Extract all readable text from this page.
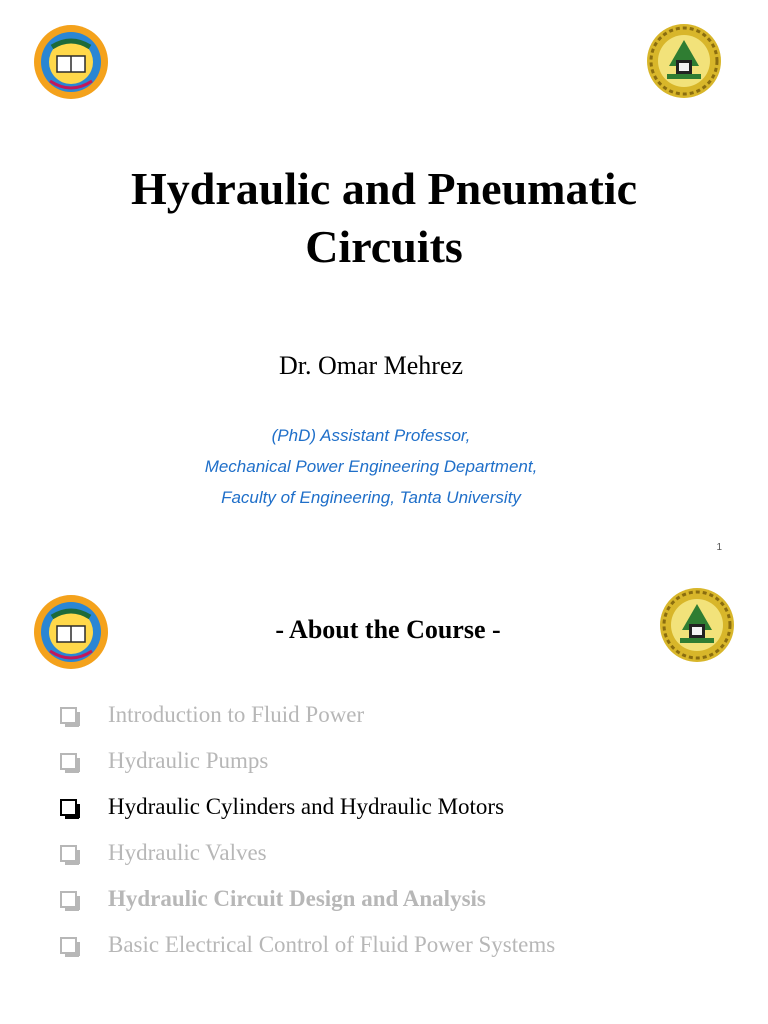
Hydraulic and Pneumatic
Circuits
Dr. Omar Mehrez
(PhD) Assistant Professor,
Mechanical Power Engineering Department,
Faculty of Engineering, Tanta University
1
- About the Course -
Introduction to Fluid Power
Hydraulic Pumps
Hydraulic Cylinders and Hydraulic Motors
Hydraulic Valves
Hydraulic Circuit Design and Analysis
Basic Electrical Control of Fluid Power Systems
